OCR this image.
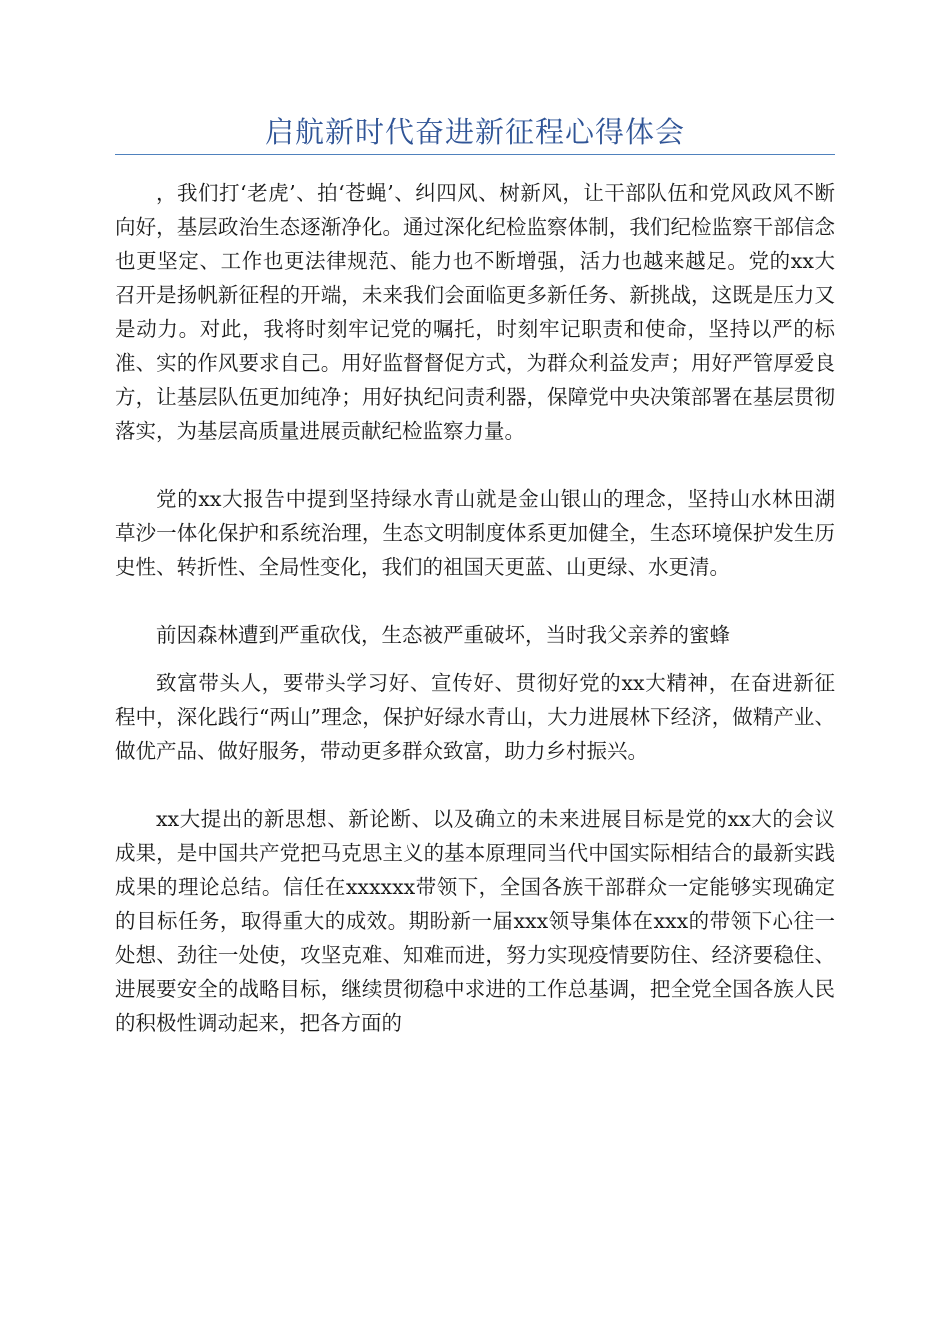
启航新时代奋进新征程心得体会

，我们打‘老虎’、拍‘苍蝇’、纠四风、树新风，让干部队伍和党风政风不断向好，基层政治生态逐渐净化。通过深化纪检监察体制，我们纪检监察干部信念也更坚定、工作也更法律规范、能力也不断增强，活力也越来越足。党的xx大召开是扬帆新征程的开端，未来我们会面临更多新任务、新挑战，这既是压力又是动力。对此，我将时刻牢记党的嘱托，时刻牢记职责和使命，坚持以严的标准、实的作风要求自己。用好监督督促方式，为群众利益发声；用好严管厚爱良方，让基层队伍更加纯净；用好执纪问责利器，保障党中央决策部署在基层贯彻落实，为基层高质量进展贡献纪检监察力量。

党的xx大报告中提到坚持绿水青山就是金山银山的理念，坚持山水林田湖草沙一体化保护和系统治理，生态文明制度体系更加健全，生态环境保护发生历史性、转折性、全局性变化，我们的祖国天更蓝、山更绿、水更清。

前因森林遭到严重砍伐，生态被严重破坏，当时我父亲养的蜜蜂

致富带头人，要带头学习好、宣传好、贯彻好党的xx大精神，在奋进新征程中，深化践行“两山”理念，保护好绿水青山，大力进展林下经济，做精产业、做优产品、做好服务，带动更多群众致富，助力乡村振兴。

xx大提出的新思想、新论断、以及确立的未来进展目标是党的xx大的会议成果，是中国共产党把马克思主义的基本原理同当代中国实际相结合的最新实践成果的理论总结。信任在xxxxxx带领下，全国各族干部群众一定能够实现确定的目标任务，取得重大的成效。期盼新一届xxx领导集体在xxx的带领下心往一处想、劲往一处使，攻坚克难、知难而进，努力实现疫情要防住、经济要稳住、进展要安全的战略目标，继续贯彻稳中求进的工作总基调，把全党全国各族人民的积极性调动起来，把各方面的
